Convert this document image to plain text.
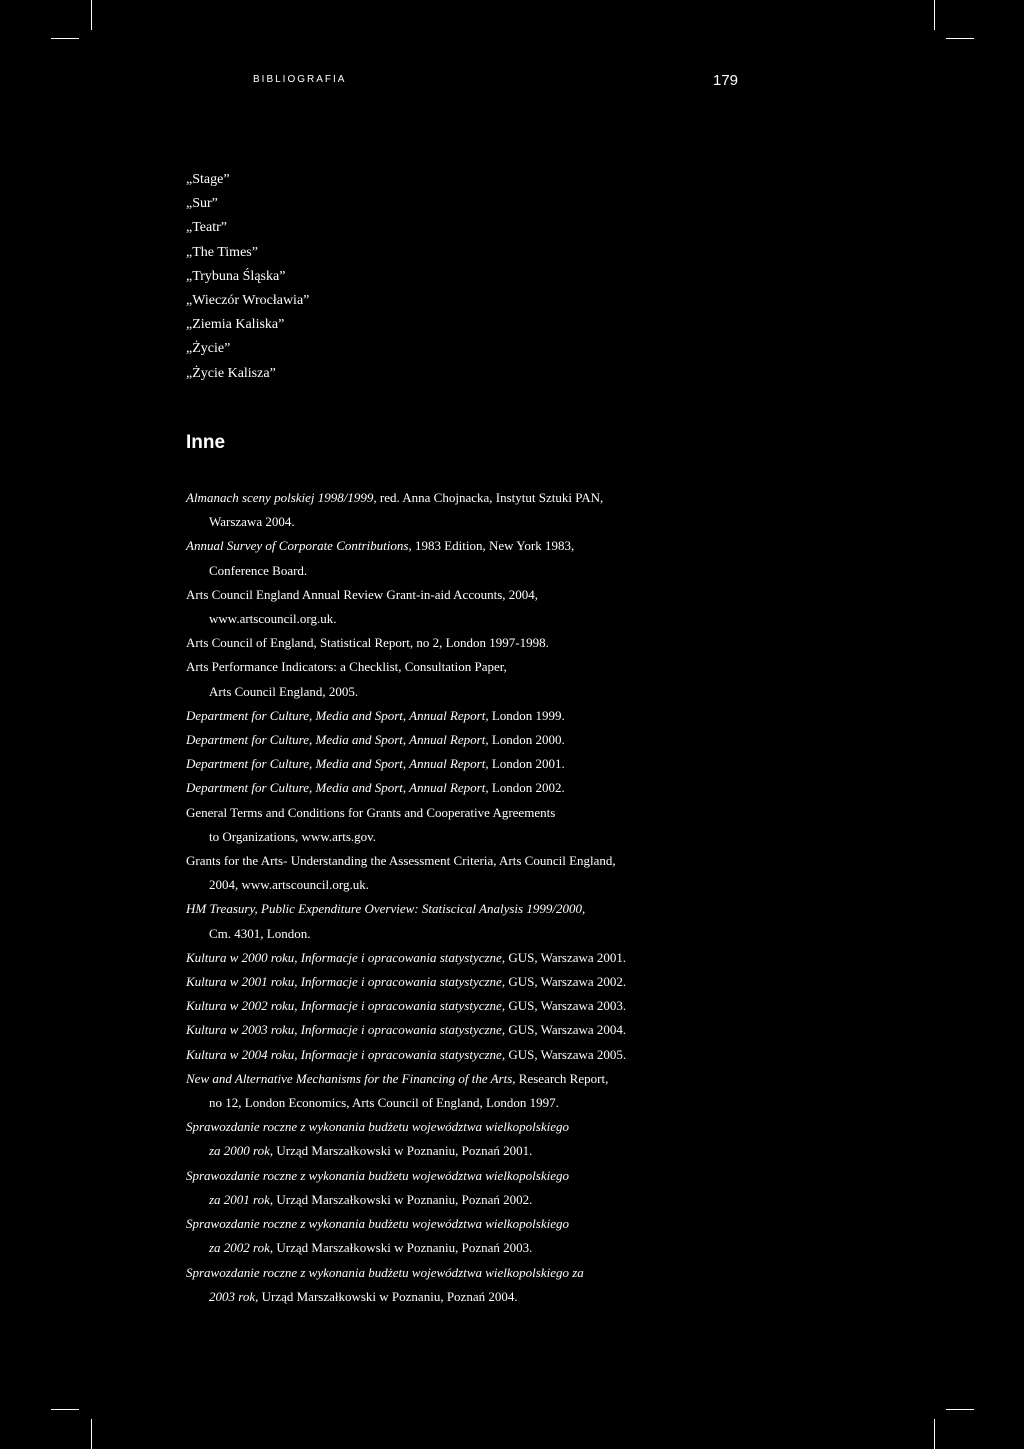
BIBLIOGRAFIA	179
„Stage”
„Sur”
„Teatr”
„The Times”
„Trybuna Śląska”
„Wieczór Wrocławia”
„Ziemia Kaliska”
„Życie”
„Życie Kalisza”
Inne
Almanach sceny polskiej 1998/1999, red. Anna Chojnacka, Instytut Sztuki PAN,
Warszawa 2004.
Annual Survey of Corporate Contributions, 1983 Edition, New York 1983,
Conference Board.
Arts Council England Annual Review Grant-in-aid Accounts, 2004,
www.artscouncil.org.uk.
Arts Council of England, Statistical Report, no 2, London 1997-1998.
Arts Performance Indicators: a Checklist, Consultation Paper,
Arts Council England, 2005.
Department for Culture, Media and Sport, Annual Report, London 1999.
Department for Culture, Media and Sport, Annual Report, London 2000.
Department for Culture, Media and Sport, Annual Report, London 2001.
Department for Culture, Media and Sport, Annual Report, London 2002.
General Terms and Conditions for Grants and Cooperative Agreements
to Organizations, www.arts.gov.
Grants for the Arts- Understanding the Assessment Criteria, Arts Council England,
2004, www.artscouncil.org.uk.
HM Treasury, Public Expenditure Overview: Statiscical Analysis 1999/2000,
Cm. 4301, London.
Kultura w 2000 roku, Informacje i opracowania statystyczne, GUS, Warszawa 2001.
Kultura w 2001 roku, Informacje i opracowania statystyczne, GUS, Warszawa 2002.
Kultura w 2002 roku, Informacje i opracowania statystyczne, GUS, Warszawa 2003.
Kultura w 2003 roku, Informacje i opracowania statystyczne, GUS, Warszawa 2004.
Kultura w 2004 roku, Informacje i opracowania statystyczne, GUS, Warszawa 2005.
New and Alternative Mechanisms for the Financing of the Arts, Research Report,
no 12, London Economics, Arts Council of England, London 1997.
Sprawozdanie roczne z wykonania budżetu województwa wielkopolskiego
za 2000 rok, Urząd Marszałkowski w Poznaniu, Poznań 2001.
Sprawozdanie roczne z wykonania budżetu województwa wielkopolskiego
za 2001 rok, Urząd Marszałkowski w Poznaniu, Poznań 2002.
Sprawozdanie roczne z wykonania budżetu województwa wielkopolskiego
za 2002 rok, Urząd Marszałkowski w Poznaniu, Poznań 2003.
Sprawozdanie roczne z wykonania budżetu województwa wielkopolskiego za
2003 rok, Urząd Marszałkowski w Poznaniu, Poznań 2004.
